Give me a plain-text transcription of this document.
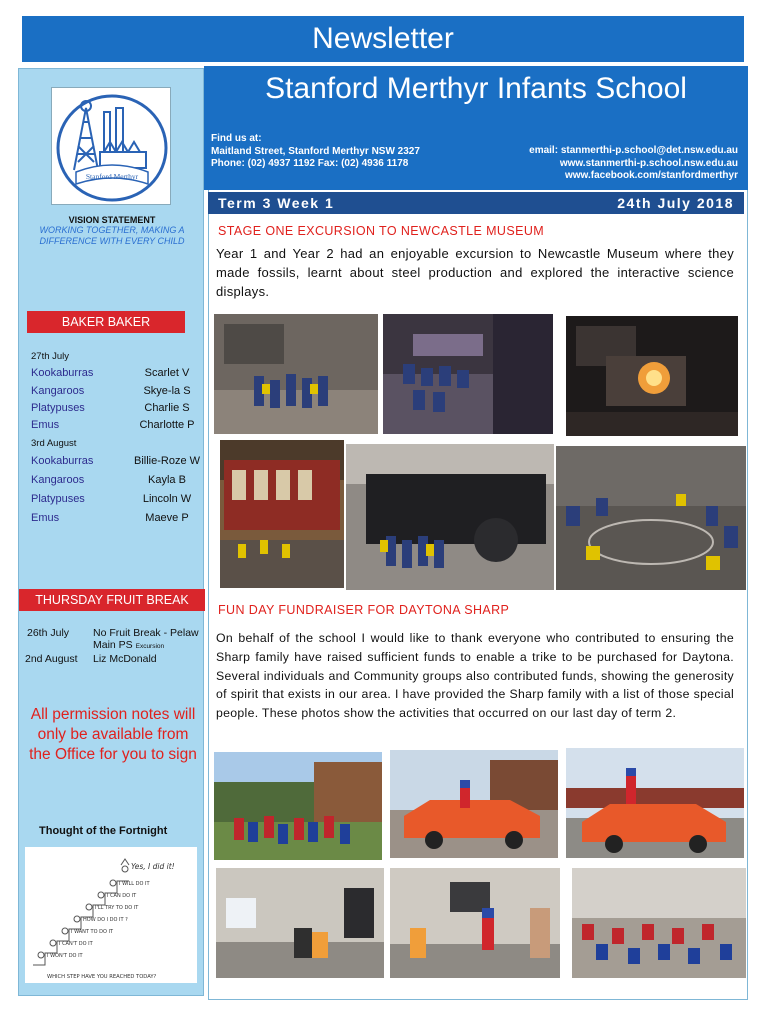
Newsletter
Stanford Merthyr
VISION STATEMENT
WORKING TOGETHER, MAKING A DIFFERENCE WITH EVERY CHILD
BAKER BAKER
27th July
Kookaburras	Scarlet V
Kangaroos	Skye-la S
Platypuses	Charlie S
Emus	Charlotte P
3rd August
Kookaburras	Billie-Roze W
Kangaroos	Kayla B
Platypuses	Lincoln W
Emus	Maeve P
THURSDAY FRUIT BREAK
26th July No Fruit Break - Pelaw Main PS Excursion
2nd August Liz McDonald
All permission notes will only be available from the Office for you to sign
Thought of the Fortnight
Yes, I did it!
I WILL DO IT
I CAN DO IT
I'LL TRY TO DO IT
HOW DO I DO IT ?
I WANT TO DO IT
I CAN'T DO IT
I WON'T DO IT
WHICH STEP HAVE YOU REACHED TODAY?
Stanford Merthyr Infants School
Find us at:
Maitland Street, Stanford Merthyr NSW 2327
Phone: (02) 4937 1192 Fax: (02) 4936 1178
email: stanmerthi-p.school@det.nsw.edu.au
www.stanmerthi-p.school.nsw.edu.au
www.facebook.com/stanfordmerthyr
Term 3 Week 1	24th July 2018
STAGE ONE EXCURSION TO NEWCASTLE MUSEUM
Year 1 and Year 2 had an enjoyable excursion to Newcastle Museum where they made fossils, learnt about steel production and explored the interactive science displays.
FUN DAY FUNDRAISER FOR DAYTONA SHARP
On behalf of the school I would like to thank everyone who contributed to ensuring the Sharp family have raised sufficient funds to enable a trike to be purchased for Daytona. Several individuals and Community groups also contributed funds, showing the generosity of spirit that exists in our area. I have provided the Sharp family with a list of those special people. These photos show the activities that occurred on our last day of term 2.
